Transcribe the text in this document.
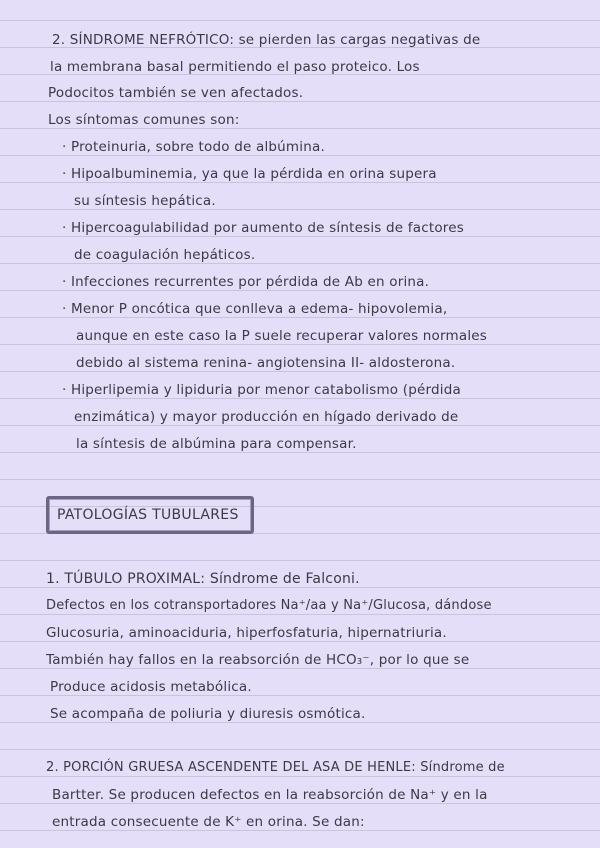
2. SÍNDROME NEFRÓTICO: se pierden las cargas negativas de
la membrana basal permitiendo el paso proteico. Los
Podocitos también se ven afectados.
Los síntomas comunes son:
· Proteinuria, sobre todo de albúmina.
· Hipoalbuminemia, ya que la pérdida en orina supera
su síntesis hepática.
· Hipercoagulabilidad por aumento de síntesis de factores
de coagulación hepáticos.
· Infecciones recurrentes por pérdida de Ab en orina.
· Menor P oncótica que conlleva a edema- hipovolemia,
aunque en este caso la P suele recuperar valores normales
debido al sistema renina- angiotensina II- aldosterona.
· Hiperlipemia y lipiduria por menor catabolismo (pérdida
enzimática) y mayor producción en hígado derivado de
la síntesis de albúmina para compensar.
PATOLOGÍAS TUBULARES
1. TÚBULO PROXIMAL: Síndrome de Falconi.
Defectos en los cotransportadores Na⁺/aa y Na⁺/Glucosa, dándose
Glucosuria, aminoaciduria, hiperfosfaturia, hipernatriuria.
También hay fallos en la reabsorción de HCO₃⁻, por lo que se
Produce acidosis metabólica.
Se acompaña de poliuria y diuresis osmótica.
2. PORCIÓN GRUESA ASCENDENTE DEL ASA DE HENLE: Síndrome de
Bartter. Se producen defectos en la reabsorción de Na⁺ y en la
entrada consecuente de K⁺ en orina. Se dan:
